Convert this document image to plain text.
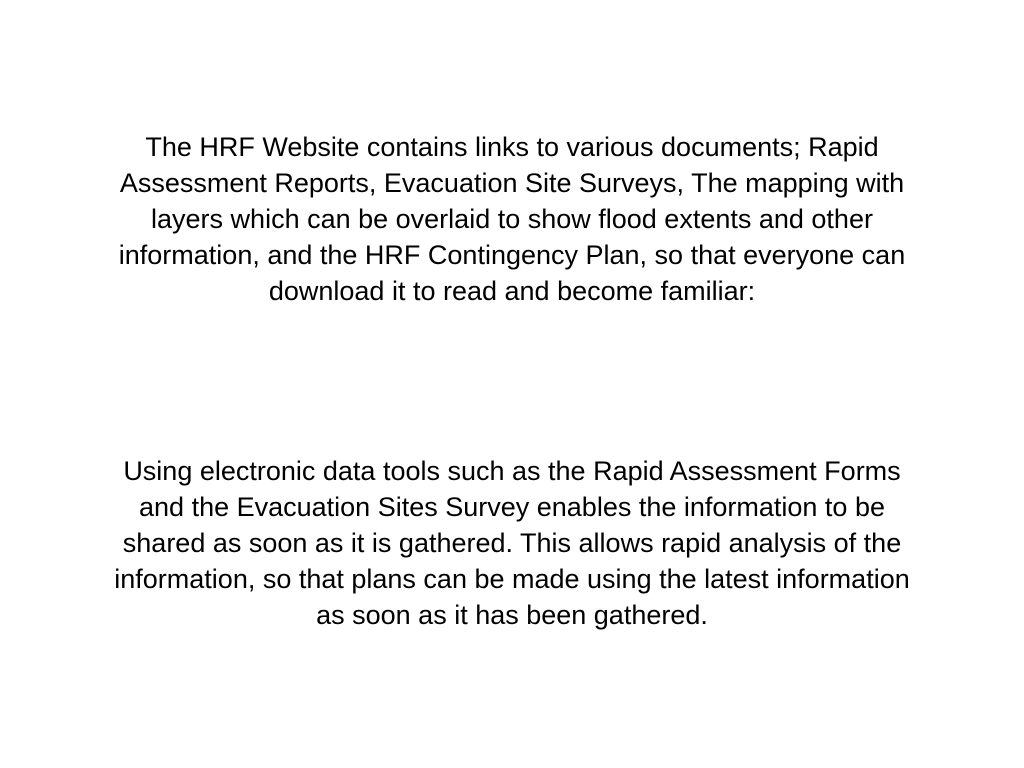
The HRF Website contains links to various documents; Rapid
Assessment Reports, Evacuation Site Surveys, The mapping with
layers which can be overlaid to show flood extents and other
information, and the HRF Contingency Plan, so that everyone can
download it to read and become familiar:

Using electronic data tools such as the Rapid Assessment Forms
and the Evacuation Sites Survey enables the information to be
shared as soon as it is gathered. This allows rapid analysis of the
information, so that plans can be made using the latest information
as soon as it has been gathered.
